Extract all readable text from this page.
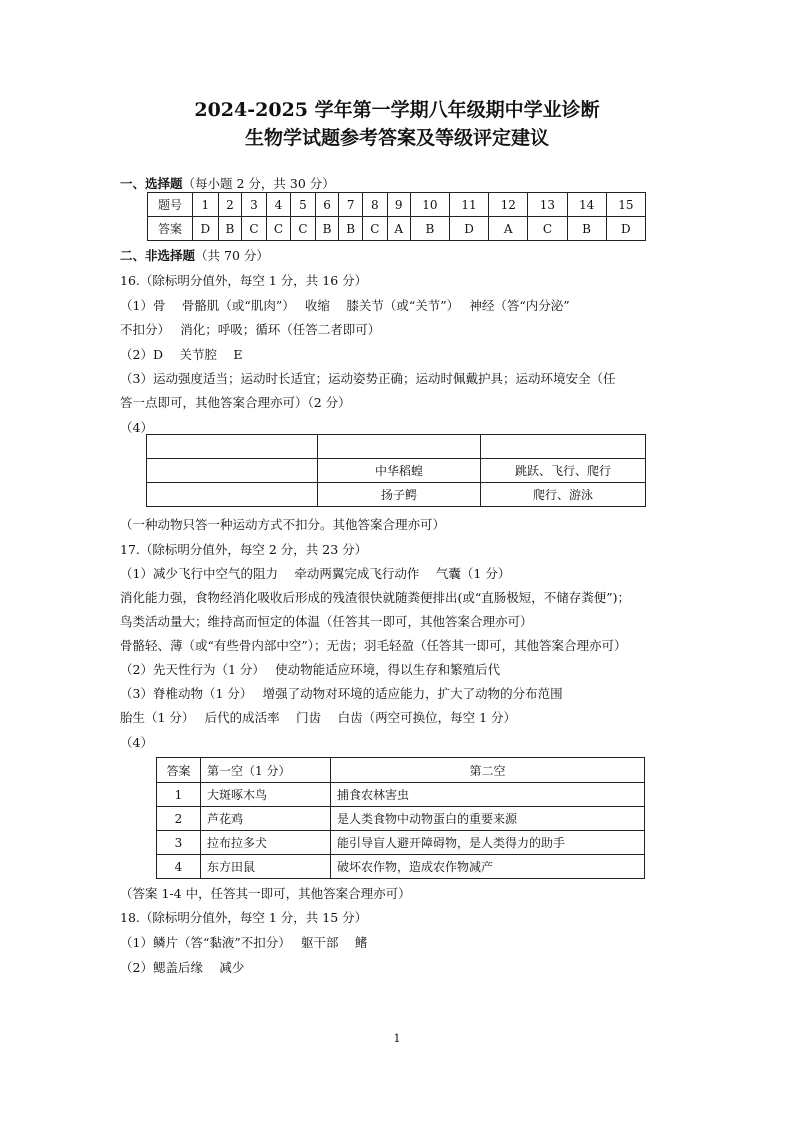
2024-2025 学年第一学期八年级期中学业诊断
生物学试题参考答案及等级评定建议
一、选择题（每小题 2 分，共 30 分）
题号	1	2	3	4	5	6	7	8	9	10	11	12	13	14	15
答案	D	B	C	C	C	B	B	C	A	B	D	A	C	B	D
二、非选择题（共 70 分）
16.（除标明分值外，每空 1 分，共 16 分）
（1）骨　 骨骼肌（或“肌肉”）　 收缩　 膝关节（或“关节”）　 神经（答“内分泌”
不扣分）　 消化；呼吸；循环（任答二者即可）
（2）D　 关节腔　 E
（3）运动强度适当；运动时长适宜；运动姿势正确；运动时佩戴护具；运动环境安全（任
答一点即可，其他答案合理亦可）（2 分）
（4）

	中华稻蝗	跳跃、飞行、爬行
	扬子鳄	爬行、游泳
（一种动物只答一种运动方式不扣分。其他答案合理亦可）
17.（除标明分值外，每空 2 分，共 23 分）
（1）减少飞行中空气的阻力　 牵动两翼完成飞行动作　 气囊（1 分）
消化能力强，食物经消化吸收后形成的残渣很快就随粪便排出(或“直肠极短，不储存粪便”)；
鸟类活动量大；维持高而恒定的体温（任答其一即可，其他答案合理亦可）
骨骼轻、薄（或“有些骨内部中空”）；无齿；羽毛轻盈（任答其一即可，其他答案合理亦可）
（2）先天性行为（1 分）　 使动物能适应环境，得以生存和繁殖后代
（3）脊椎动物（1 分）　 增强了动物对环境的适应能力，扩大了动物的分布范围
胎生（1 分）　 后代的成活率　 门齿　 白齿（两空可换位，每空 1 分）
（4）
答案	第一空（1 分）	第二空
1	大斑啄木鸟	捕食农林害虫
2	芦花鸡	是人类食物中动物蛋白的重要来源
3	拉布拉多犬	能引导盲人避开障碍物，是人类得力的助手
4	东方田鼠	破坏农作物，造成农作物减产
（答案 1-4 中，任答其一即可，其他答案合理亦可）
18.（除标明分值外，每空 1 分，共 15 分）
（1）鳞片（答“黏液”不扣分）　 躯干部　 鳍
（2）鳃盖后缘　 减少
1
